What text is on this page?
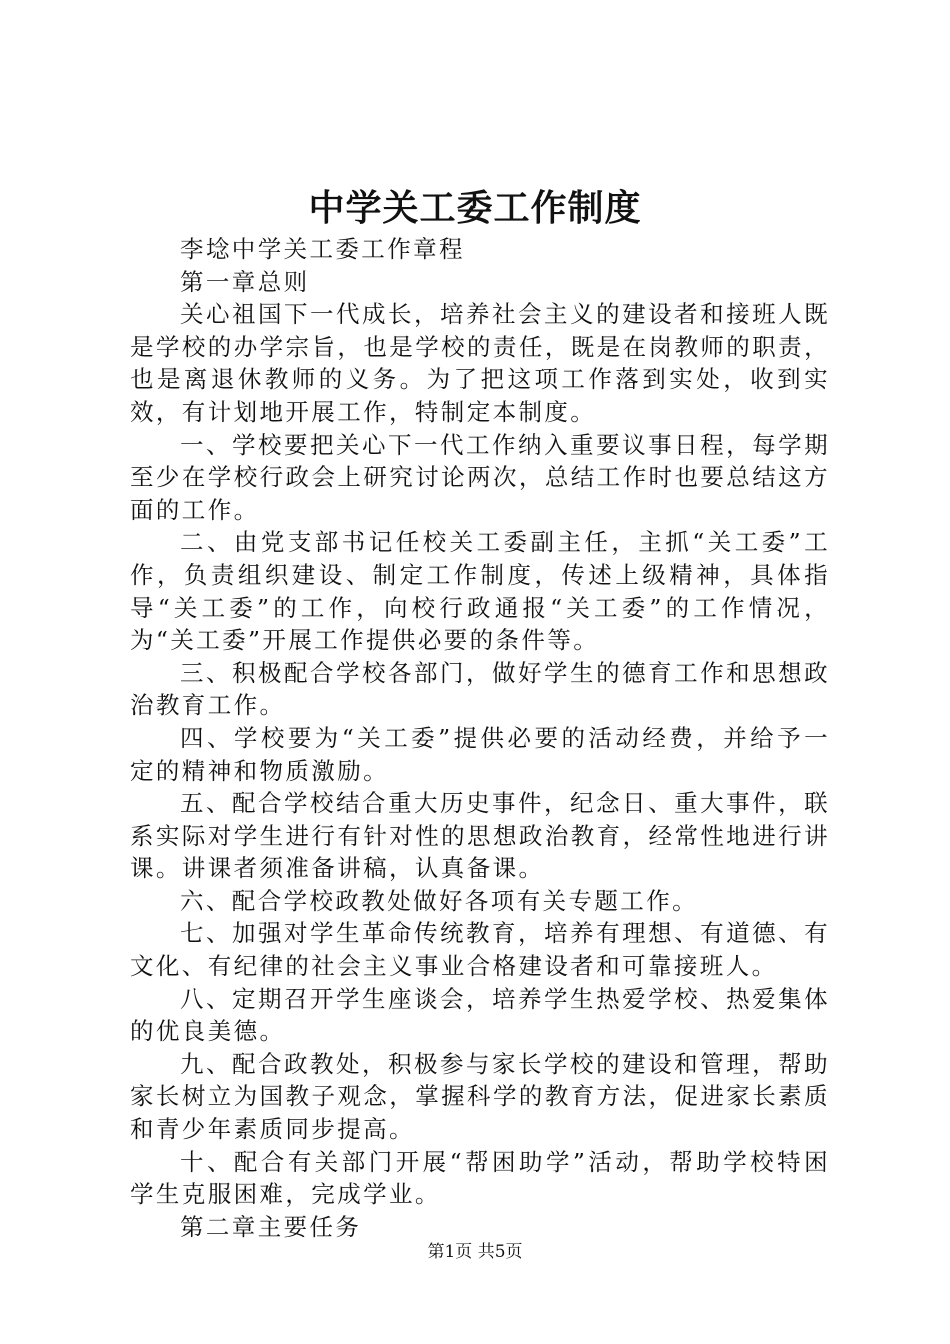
中学关工委工作制度

李埝中学关工委工作章程

第一章总则

关心祖国下一代成长，培养社会主义的建设者和接班人既是学校的办学宗旨，也是学校的责任，既是在岗教师的职责，也是离退休教师的义务。为了把这项工作落到实处，收到实效，有计划地开展工作，特制定本制度。

一、学校要把关心下一代工作纳入重要议事日程，每学期至少在学校行政会上研究讨论两次，总结工作时也要总结这方面的工作。

二、由党支部书记任校关工委副主任，主抓“关工委”工作，负责组织建设、制定工作制度，传述上级精神，具体指导“关工委”的工作，向校行政通报“关工委”的工作情况，为“关工委”开展工作提供必要的条件等。

三、积极配合学校各部门，做好学生的德育工作和思想政治教育工作。

四、学校要为“关工委”提供必要的活动经费，并给予一定的精神和物质激励。

五、配合学校结合重大历史事件，纪念日、重大事件，联系实际对学生进行有针对性的思想政治教育，经常性地进行讲课。讲课者须准备讲稿，认真备课。

六、配合学校政教处做好各项有关专题工作。

七、加强对学生革命传统教育，培养有理想、有道德、有文化、有纪律的社会主义事业合格建设者和可靠接班人。

八、定期召开学生座谈会，培养学生热爱学校、热爱集体的优良美德。

九、配合政教处，积极参与家长学校的建设和管理，帮助家长树立为国教子观念，掌握科学的教育方法，促进家长素质和青少年素质同步提高。

十、配合有关部门开展“帮困助学”活动，帮助学校特困学生克服困难，完成学业。

第二章主要任务

第1页 共5页
